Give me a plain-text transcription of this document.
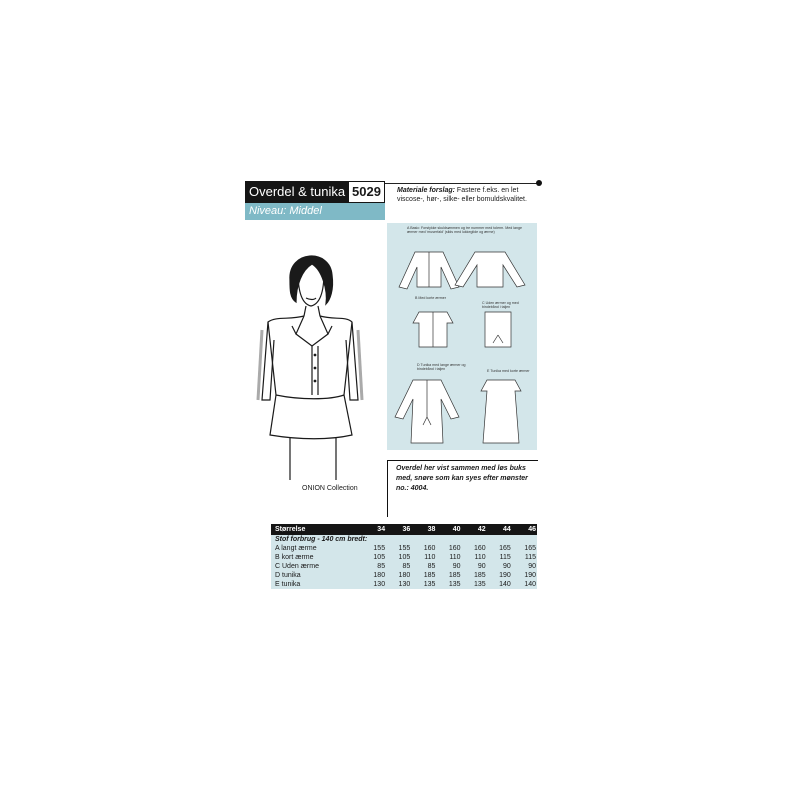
Overdel & tunika 5029
Niveau: Middel
Materiale forslag: Fastere f.eks. en let viscose-, hør-, silke- eller bomuldskvalitet.
ONION Collection
A Basic: Forstykke skuldsømmen og tre nummer med tolerm. Med lange ærmer med 'muserfald' (slids med lukkeglide og ærme)
B Med korte ærmer
C Uden ærmer og med bindebånd i taljen
D Tunika med lange ærmer og bindebånd i taljen	E Tunika med korte ærmer
Overdel her vist sammen med løs buks med, snøre som kan syes efter mønster no.: 4004.
Størrelse	34	36	38	40	42	44	46
Stof forbrug - 140 cm bredt:							
A langt ærme	155	155	160	160	160	165	165
B kort ærme	105	105	110	110	110	115	115
C Uden ærme	85	85	85	90	90	90	90
D tunika	180	180	185	185	185	190	190
E tunika	130	130	135	135	135	140	140
